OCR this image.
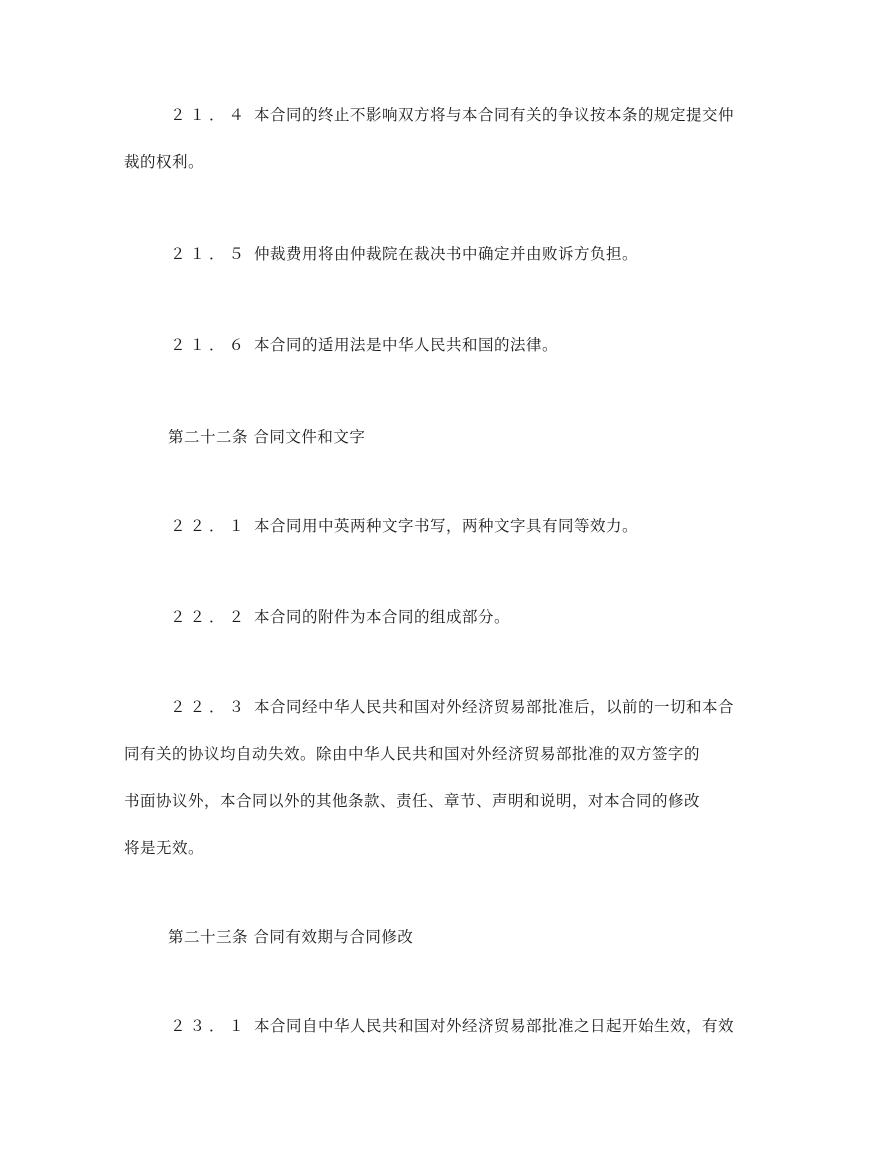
２１．４ 本合同的终止不影响双方将与本合同有关的争议按本条的规定提交仲
裁的权利。
２１．５ 仲裁费用将由仲裁院在裁决书中确定并由败诉方负担。
２１．６ 本合同的适用法是中华人民共和国的法律。
第二十二条 合同文件和文字
２２．１ 本合同用中英两种文字书写，两种文字具有同等效力。
２２．２ 本合同的附件为本合同的组成部分。
２２．３ 本合同经中华人民共和国对外经济贸易部批准后，以前的一切和本合
同有关的协议均自动失效。除由中华人民共和国对外经济贸易部批准的双方签字的
书面协议外，本合同以外的其他条款、责任、章节、声明和说明，对本合同的修改
将是无效。
第二十三条 合同有效期与合同修改
２３．１ 本合同自中华人民共和国对外经济贸易部批准之日起开始生效，有效
